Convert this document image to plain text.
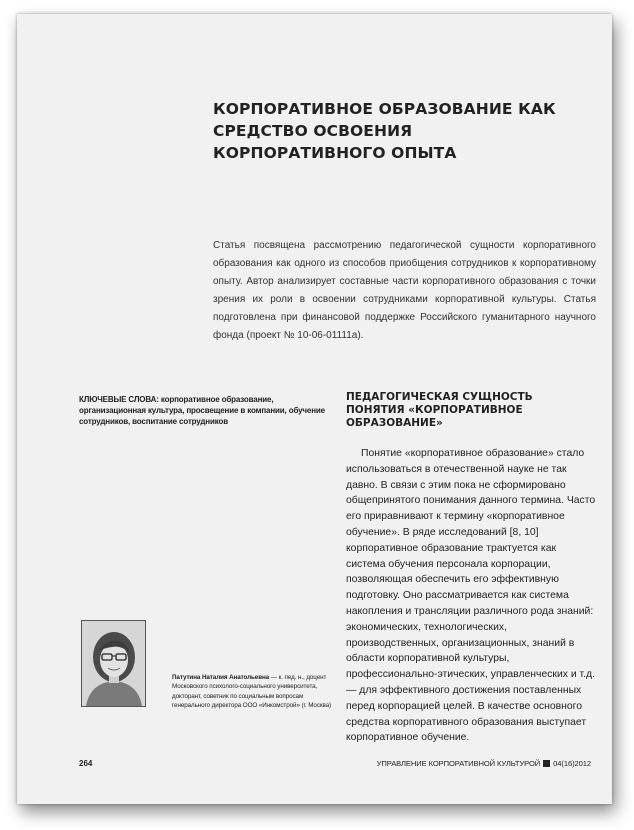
КОРПОРАТИВНОЕ ОБРАЗОВАНИЕ КАК СРЕДСТВО ОСВОЕНИЯ КОРПОРАТИВНОГО ОПЫТА
Статья посвящена рассмотрению педагогической сущности корпоративного образования как одного из способов приобщения сотрудников к корпоративному опыту. Автор анализирует составные части корпоративного образования с точки зрения их роли в освоении сотрудниками корпоративной культуры. Статья подготовлена при финансовой поддержке Российского гуманитарного научного фонда (проект № 10-06-01111а).
КЛЮЧЕВЫЕ СЛОВА: корпоративное образование, организационная культура, просвещение в компании, обучение сотрудников, воспитание сотрудников
ПЕДАГОГИЧЕСКАЯ СУЩНОСТЬ ПОНЯТИЯ «КОРПОРАТИВНОЕ ОБРАЗОВАНИЕ»

Понятие «корпоративное образование» стало использоваться в отечественной науке не так давно. В связи с этим пока не сформировано общепринятого понимания данного термина. Часто его приравнивают к термину «корпоративное обучение». В ряде исследований [8, 10] корпоративное образование трактуется как система обучения персонала корпорации, позволяющая обеспечить его эффективную подготовку. Оно рассматривается как система накопления и трансляции различного рода знаний: экономических, технологических, производственных, организационных, знаний в области корпоративной культуры, профессионально-этических, управленческих и т.д. — для эффективного достижения поставленных перед корпорацией целей. В качестве основного средства корпоративного образования выступает корпоративное обучение.

Патутина Наталия Анатольевна — к. пед. н., доцент Московского психолого-социального университета, докторант, советник по социальным вопросам генерального директора ООО «Инкомстрой» (г. Москва)
264	УПРАВЛЕНИЕ КОРПОРАТИВНОЙ КУЛЬТУРОЙ 04(16)2012
